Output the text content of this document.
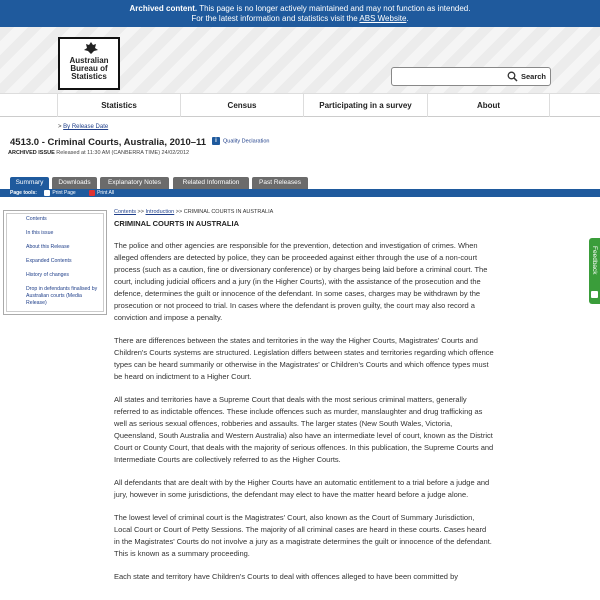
Archived content. This page is no longer actively maintained and may not function as intended.
For the latest information and statistics visit the ABS Website.
Australian
Bureau of
Statistics	Search
Statistics	Census	Participating in a survey	About
> By Release Date
4513.0 - Criminal Courts, Australia, 2010–11	i Quality Declaration
ARCHIVED ISSUE Released at 11:30 AM (CANBERRA TIME) 24/02/2012
Summary	Downloads	Explanatory Notes	Related Information	Past Releases
Page tools:	Print Page	Print All
Contents
In this issue
About this Release
Expanded Contents
History of changes
Drop in defendants finalised by Australian courts (Media Release)
Contents >> Introduction >> CRIMINAL COURTS IN AUSTRALIA
CRIMINAL COURTS IN AUSTRALIA

The police and other agencies are responsible for the prevention, detection and investigation of crimes. When alleged offenders are detected by police, they can be proceeded against either through the use of a non-court process (such as a caution, fine or diversionary conference) or by charges being laid before a criminal court. The court, including judicial officers and a jury (in the Higher Courts), with the assistance of the prosecution and the defence, determines the guilt or innocence of the defendant. In some cases, charges may be withdrawn by the prosecution or not proceed to trial. In cases where the defendant is proven guilty, the court may also record a conviction and impose a penalty.

There are differences between the states and territories in the way the Higher Courts, Magistrates' Courts and Children's Courts systems are structured. Legislation differs between states and territories regarding which offence types can be heard summarily or otherwise in the Magistrates' or Children's Courts and which offence types must be heard on indictment to a Higher Court.

All states and territories have a Supreme Court that deals with the most serious criminal matters, generally referred to as indictable offences. These include offences such as murder, manslaughter and drug trafficking as well as serious sexual offences, robberies and assaults. The larger states (New South Wales, Victoria, Queensland, South Australia and Western Australia) also have an intermediate level of court, known as the District Court or County Court, that deals with the majority of serious offences. In this publication, the Supreme Courts and Intermediate Courts are collectively referred to as the Higher Courts.

All defendants that are dealt with by the Higher Courts have an automatic entitlement to a trial before a judge and jury, however in some jurisdictions, the defendant may elect to have the matter heard before a judge alone.

The lowest level of criminal court is the Magistrates' Court, also known as the Court of Summary Jurisdiction, Local Court or Court of Petty Sessions. The majority of all criminal cases are heard in these courts. Cases heard in the Magistrates' Courts do not involve a jury as a magistrate determines the guilt or innocence of the defendant. This is known as a summary proceeding.

Each state and territory have Children's Courts to deal with offences alleged to have been committed by

Feedback
